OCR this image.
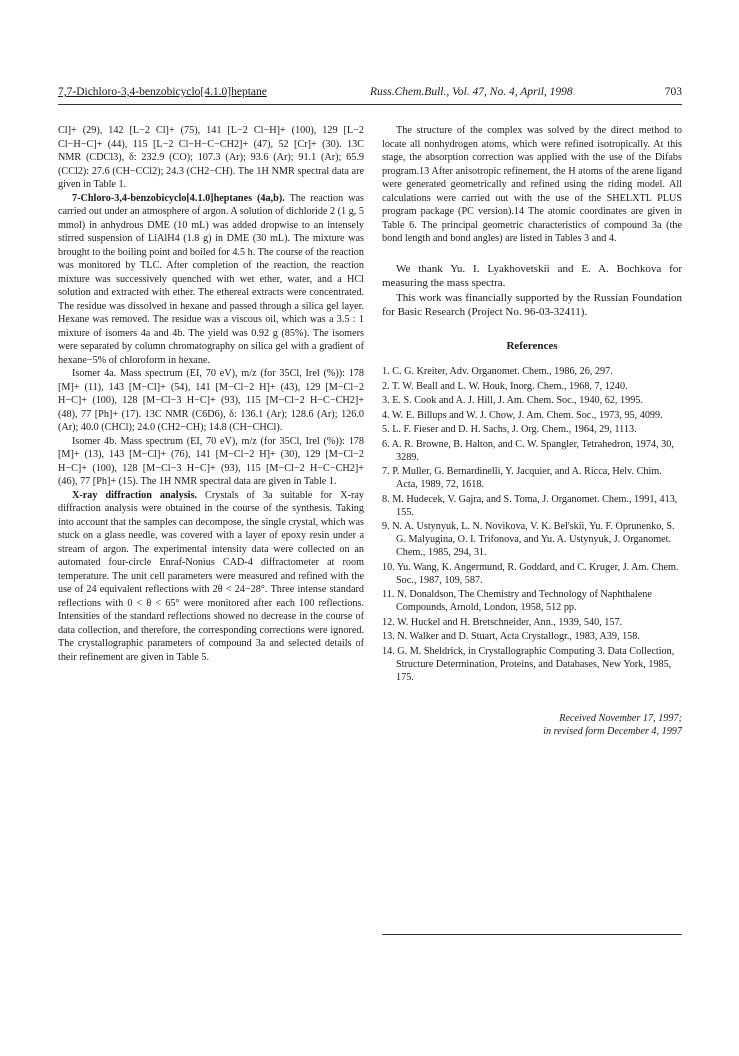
7,7-Dichloro-3,4-benzobicyclo[4.1.0]heptane	Russ.Chem.Bull., Vol. 47, No. 4, April, 1998	703

Cl]+ (29), 142 [L−2 Cl]+ (75), 141 [L−2 Cl−H]+ (100), 129 [L−2 Cl−H−C]+ (44), 115 [L−2 Cl−H−C−CH2]+ (47), 52 [Cr]+ (30). 13C NMR (CDCl3), δ: 232.9 (CO); 107.3 (Ar); 93.6 (Ar); 91.1 (Ar); 65.9 (CCl2): 27.6 (CH−CCl2); 24.3 (CH2−CH). The 1H NMR spectral data are given in Table 1.

7-Chloro-3,4-benzobicyclo[4.1.0]heptanes (4a,b). The reaction was carried out under an atmosphere of argon. A solution of dichloride 2 (1 g, 5 mmol) in anhydrous DME (10 mL) was added dropwise to an intensely stirred suspension of LiAlH4 (1.8 g) in DME (30 mL). The mixture was brought to the boiling point and boiled for 4.5 h. The course of the reaction was monitored by TLC. After completion of the reaction, the reaction mixture was successively quenched with wet ether, water, and a HCl solution and extracted with ether. The ethereal extracts were concentrated. The residue was dissolved in hexane and passed through a silica gel layer. Hexane was removed. The residue was a viscous oil, which was a 3.5 : 1 mixture of isomers 4a and 4b. The yield was 0.92 g (85%). The isomers were separated by column chromatography on silica gel with a gradient of hexane−5% of chloroform in hexane.

Isomer 4a. Mass spectrum (EI, 70 eV), m/z (for 35Cl, Irel (%)): 178 [M]+ (11), 143 [M−Cl]+ (54), 141 [M−Cl−2 H]+ (43), 129 [M−Cl−2 H−C]+ (100), 128 [M−Cl−3 H−C]+ (93), 115 [M−Cl−2 H−C−CH2]+ (48), 77 [Ph]+ (17). 13C NMR (C6D6), δ: 136.1 (Ar); 128.6 (Ar); 126.0 (Ar); 40.0 (CHCl); 24.0 (CH2−CH); 14.8 (CH−CHCl).

Isomer 4b. Mass spectrum (EI, 70 eV), m/z (for 35Cl, Irel (%)): 178 [M]+ (13), 143 [M−Cl]+ (76), 141 [M−Cl−2 H]+ (30), 129 [M−Cl−2 H−C]+ (100), 128 [M−Cl−3 H−C]+ (93), 115 [M−Cl−2 H−C−CH2]+ (46), 77 [Ph]+ (15). The 1H NMR spectral data are given in Table 1.

X-ray diffraction analysis. Crystals of 3a suitable for X-ray diffraction analysis were obtained in the course of the synthesis. Taking into account that the samples can decompose, the single crystal, which was stuck on a glass needle, was covered with a layer of epoxy resin under a stream of argon. The experimental intensity data were collected on an automated four-circle Enraf-Nonius CAD-4 diffractometer at room temperature. The unit cell parameters were measured and refined with the use of 24 equivalent reflections with 2θ < 24−28°. Three intense standard reflections with 0 < θ < 65° were monitored after each 100 reflections. Intensities of the standard reflections showed no decrease in the course of data collection, and therefore, the corresponding corrections were ignored. The crystallographic parameters of compound 3a and selected details of their refinement are given in Table 5.

The structure of the complex was solved by the direct method to locate all nonhydrogen atoms, which were refined isotropically. At this stage, the absorption correction was applied with the use of the Difabs program.13 After anisotropic refinement, the H atoms of the arene ligand were generated geometrically and refined using the riding model. All calculations were carried out with the use of the SHELXTL PLUS program package (PC version).14 The atomic coordinates are given in Table 6. The principal geometric characteristics of compound 3a (the bond length and bond angles) are listed in Tables 3 and 4.

We thank Yu. I. Lyakhovetskii and E. A. Bochkova for measuring the mass spectra.

This work was financially supported by the Russian Foundation for Basic Research (Project No. 96-03-32411).

References
1. C. G. Kreiter, Adv. Organomet. Chem., 1986, 26, 297.
2. T. W. Beall and L. W. Houk, Inorg. Chem., 1968, 7, 1240.
3. E. S. Cook and A. J. Hill, J. Am. Chem. Soc., 1940, 62, 1995.
4. W. E. Billups and W. J. Chow, J. Am. Chem. Soc., 1973, 95, 4099.
5. L. F. Fieser and D. H. Sachs, J. Org. Chem., 1964, 29, 1113.
6. A. R. Browne, B. Halton, and C. W. Spangler, Tetrahedron, 1974, 30, 3289.
7. P. Muller, G. Bernardinelli, Y. Jacquier, and A. Ricca, Helv. Chim. Acta, 1989, 72, 1618.
8. M. Hudecek, V. Gajra, and S. Toma, J. Organomet. Chem., 1991, 413, 155.
9. N. A. Ustynyuk, L. N. Novikova, V. K. Bel'skii, Yu. F. Oprunenko, S. G. Malyugina, O. I. Trifonova, and Yu. A. Ustynyuk, J. Organomet. Chem., 1985, 294, 31.
10. Yu. Wang, K. Angermund, R. Goddard, and C. Kruger, J. Am. Chem. Soc., 1987, 109, 587.
11. N. Donaldson, The Chemistry and Technology of Naphthalene Compounds, Arnold, London, 1958, 512 pp.
12. W. Huckel and H. Bretschneider, Ann., 1939, 540, 157.
13. N. Walker and D. Stuart, Acta Crystallogr., 1983, A39, 158.
14. G. M. Sheldrick, in Crystallographic Computing 3. Data Collection, Structure Determination, Proteins, and Databases, New York, 1985, 175.
Received November 17, 1997;
in revised form December 4, 1997
